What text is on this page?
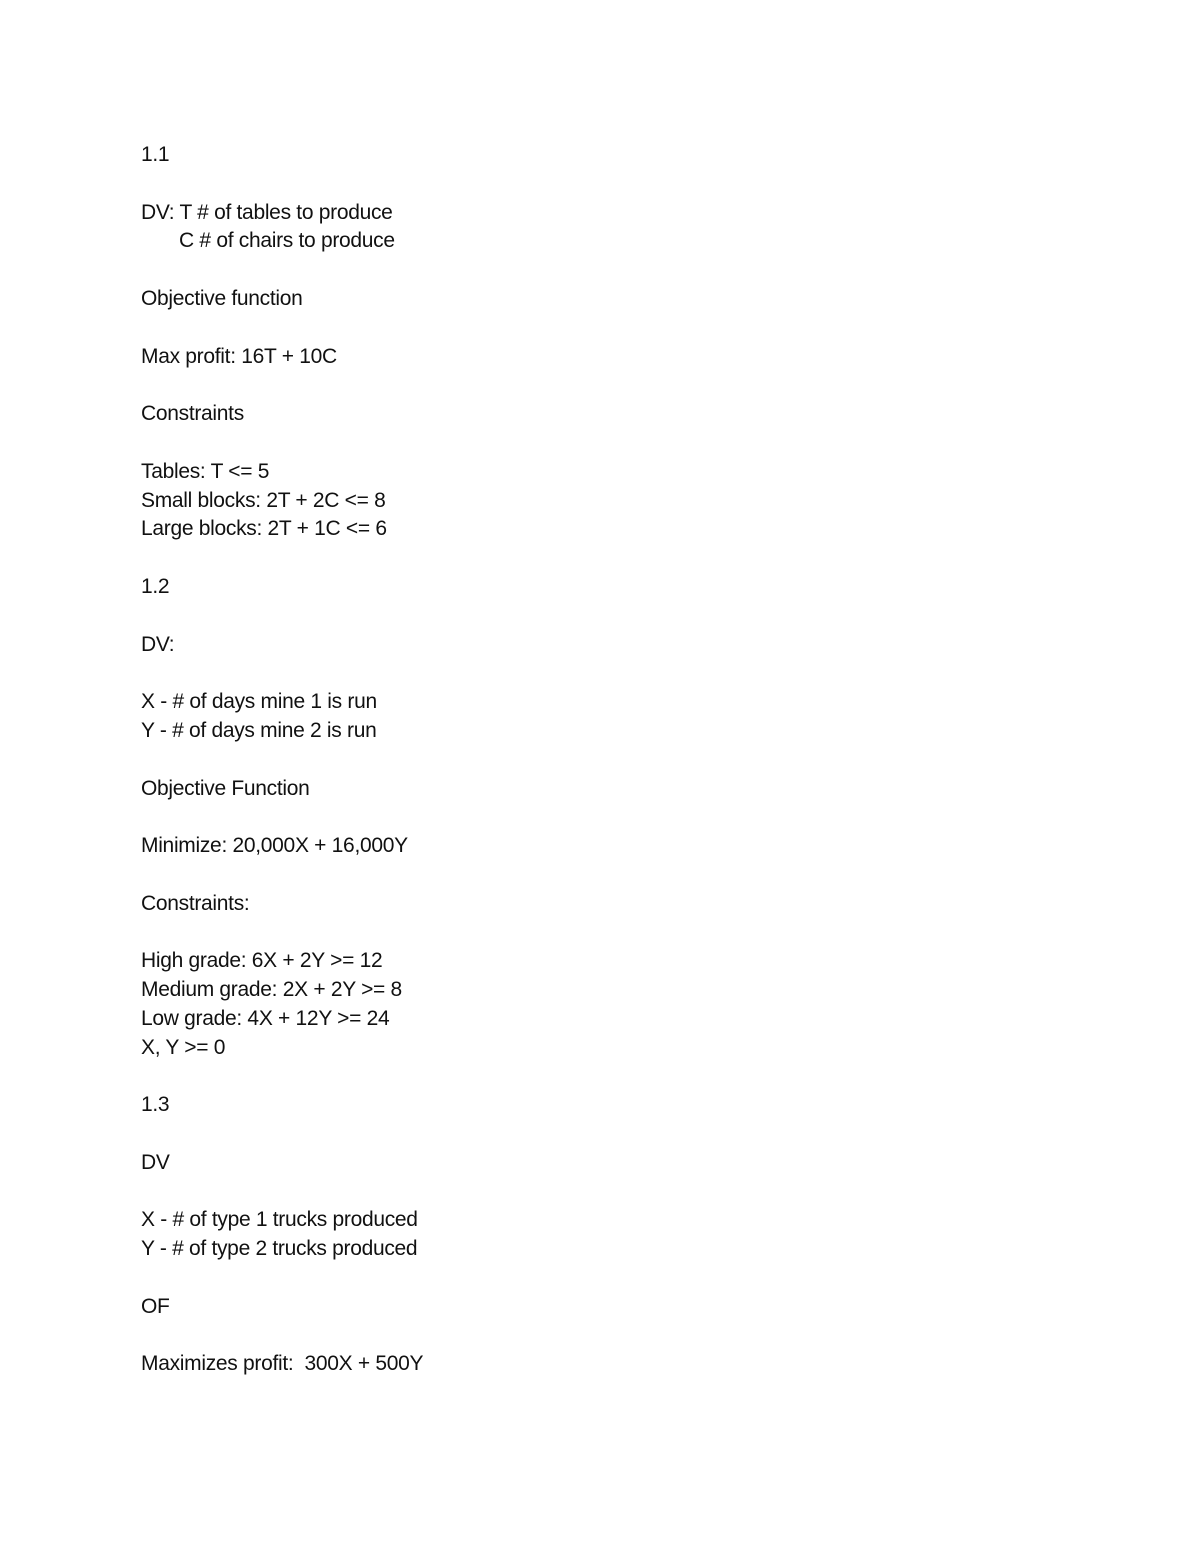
1.1
DV: T # of tables to produce
C # of chairs to produce
Objective function
Max profit: 16T + 10C
Constraints
Tables: T <= 5
Small blocks: 2T + 2C <= 8
Large blocks: 2T + 1C <= 6
1.2
DV:
X - # of days mine 1 is run
Y - # of days mine 2 is run
Objective Function
Minimize: 20,000X + 16,000Y
Constraints:
High grade: 6X + 2Y >= 12
Medium grade: 2X + 2Y >= 8
Low grade: 4X + 12Y >= 24
X, Y >= 0
1.3
DV
X - # of type 1 trucks produced
Y - # of type 2 trucks produced
OF
Maximizes profit:  300X + 500Y
